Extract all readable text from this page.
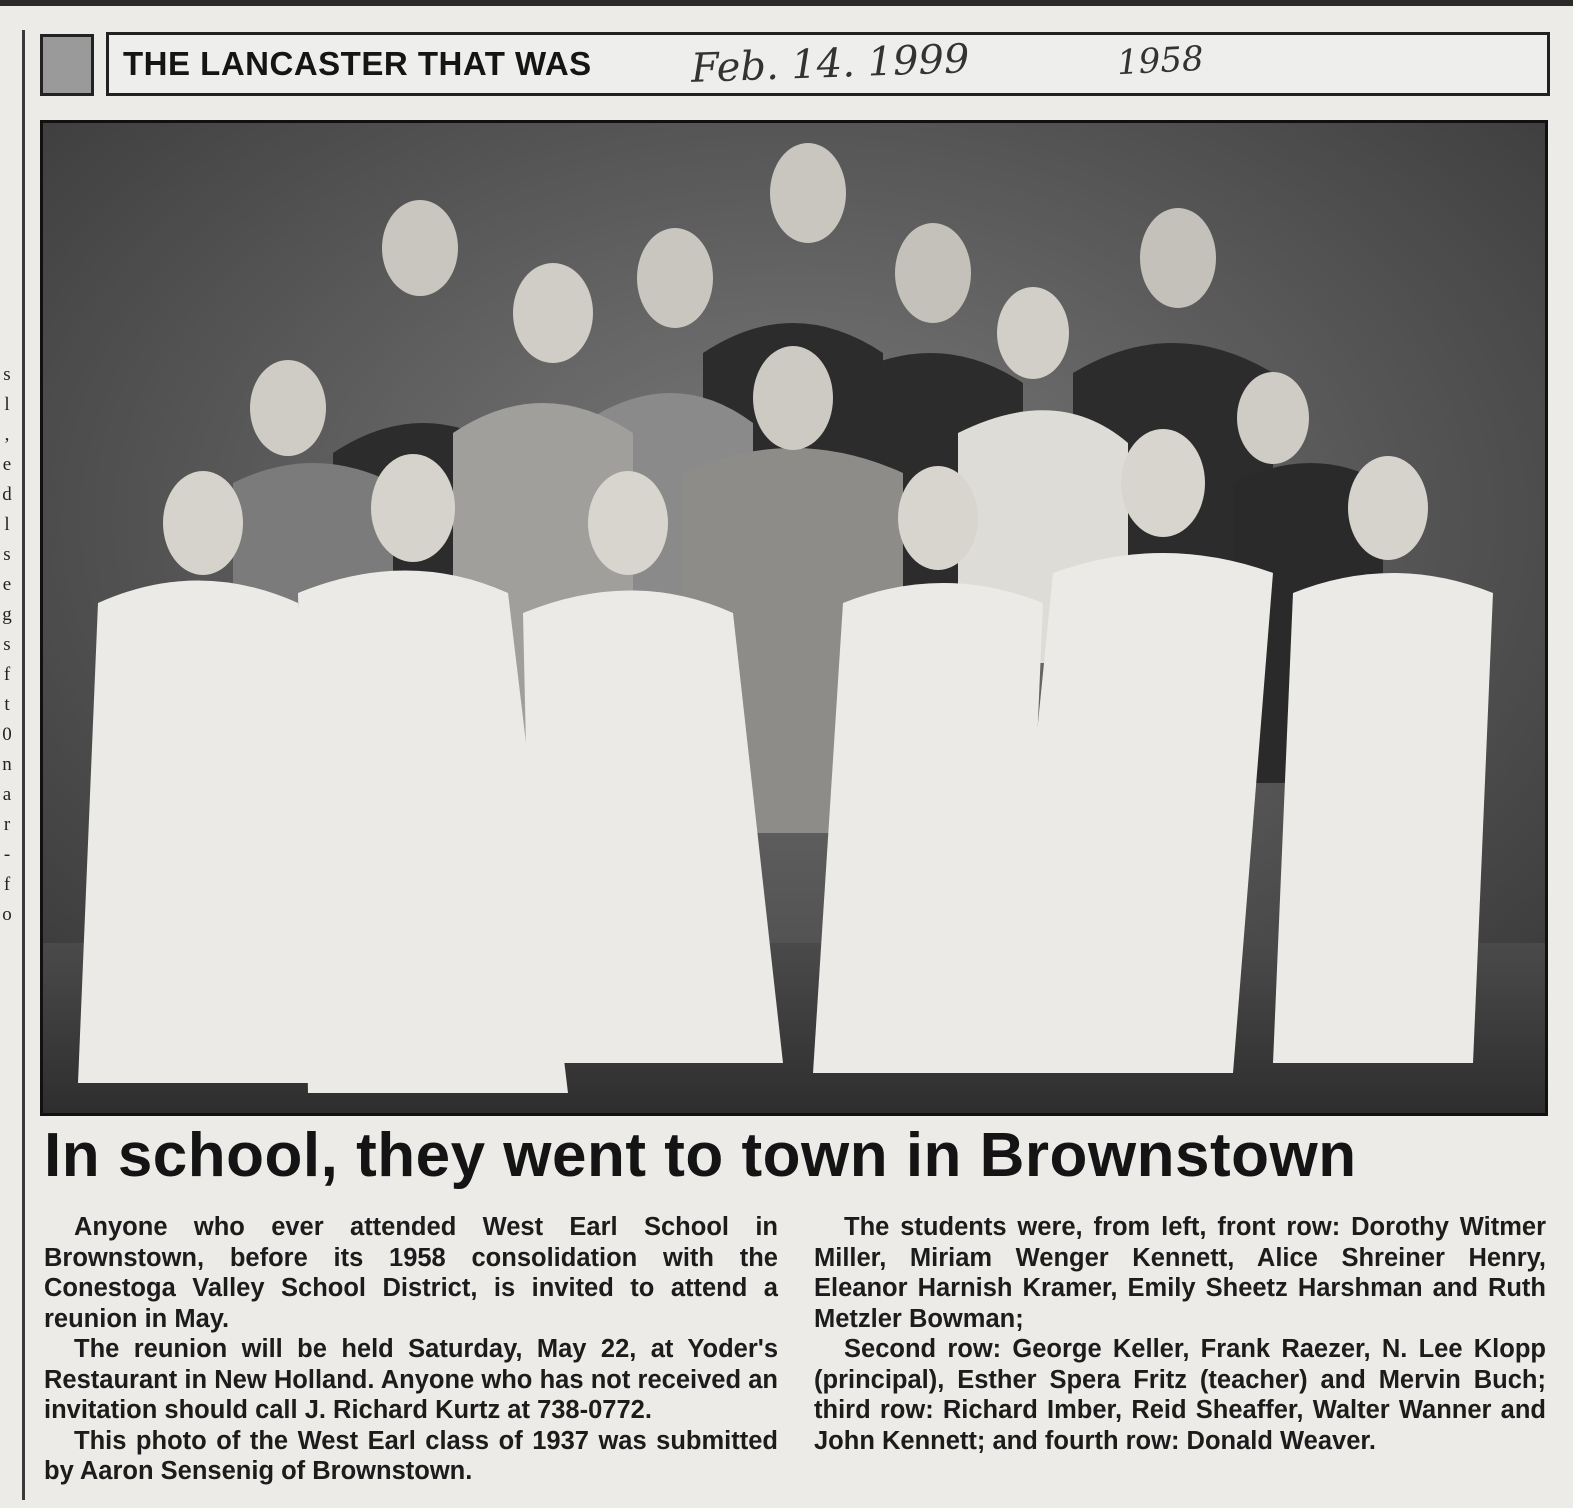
s
l
,
e
d
l
s
e
g
s
f
t
0
n
a
r
-
f
o
THE LANCASTER THAT WAS Feb. 14. 1999	1958
In school, they went to town in Brownstown

Anyone who ever attended West Earl School in Brownstown, before its 1958 consolidation with the Conestoga Valley School District, is invited to attend a reunion in May.

The reunion will be held Saturday, May 22, at Yoder's Restaurant in New Holland. Anyone who has not received an invitation should call J. Richard Kurtz at 738-0772.

This photo of the West Earl class of 1937 was submitted by Aaron Sensenig of Brownstown.

The students were, from left, front row: Dorothy Witmer Miller, Miriam Wenger Kennett, Alice Shreiner Henry, Eleanor Harnish Kramer, Emily Sheetz Harshman and Ruth Metzler Bowman;

Second row: George Keller, Frank Raezer, N. Lee Klopp (principal), Esther Spera Fritz (teacher) and Mervin Buch; third row: Richard Imber, Reid Sheaffer, Walter Wanner and John Kennett; and fourth row: Donald Weaver.
